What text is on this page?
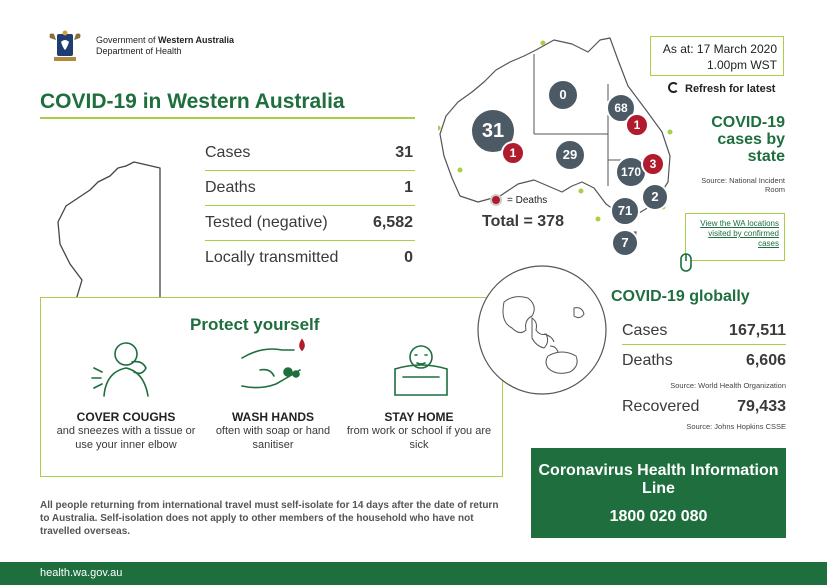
Government of Western Australia
Department of Health
COVID-19 in Western Australia
Cases	31
Deaths	1
Tested (negative)	6,582
Locally transmitted	0
Protect yourself
COVER COUGHS
and sneezes with a tissue or use your inner elbow
WASH HANDS
often with soap or hand sanitiser
STAY HOME
from work or school if you are sick
All people returning from international travel must self-isolate for 14 days after the date of return to Australia. Self-isolation does not apply to other members of the household who have not travelled overseas.
31
1
0
68
1
29
170
3
2
71
7
= Deaths
Total = 378
As at: 17 March 2020
1.00pm WST
Refresh for latest
COVID-19 cases by state
Source: National Incident Room
View the WA locations visited by confirmed cases
COVID-19 globally
Cases	167,511
Deaths	6,606
Source: World Health Organization
Recovered 79,433
Source: Johns Hopkins CSSE
Coronavirus Health Information Line
1800 020 080
health.wa.gov.au
